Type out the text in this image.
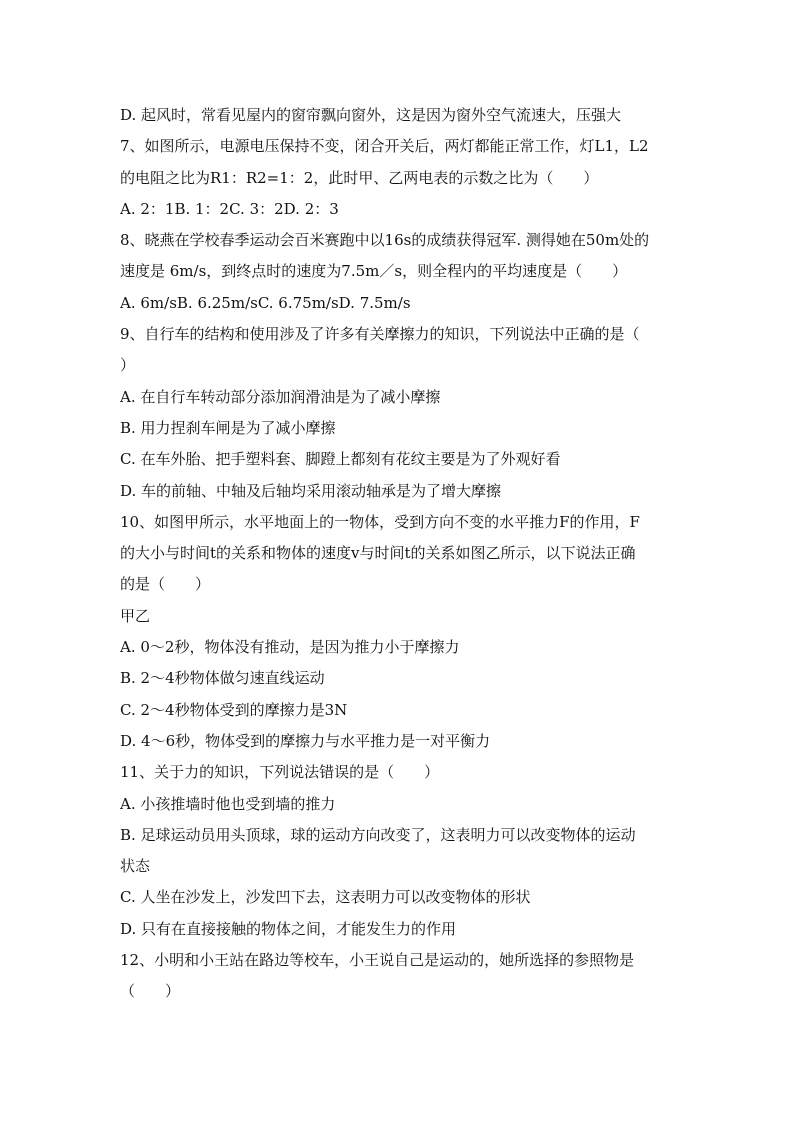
D. 起风时，常看见屋内的窗帘飘向窗外，这是因为窗外空气流速大，压强大
7、如图所示，电源电压保持不变，闭合开关后，两灯都能正常工作，灯L1，L2
的电阻之比为R1：R2=1：2，此时甲、乙两电表的示数之比为（　　）
A. 2：1B. 1：2C. 3：2D. 2：3
8、晓燕在学校春季运动会百米赛跑中以16s的成绩获得冠军. 测得她在50m处的
速度是 6m/s，到终点时的速度为7.5m／s，则全程内的平均速度是（　　）
A. 6m/sB. 6.25m/sC. 6.75m/sD. 7.5m/s
9、自行车的结构和使用涉及了许多有关摩擦力的知识，下列说法中正确的是（
）
A. 在自行车转动部分添加润滑油是为了减小摩擦
B. 用力捏刹车闸是为了减小摩擦
C. 在车外胎、把手塑料套、脚蹬上都刻有花纹主要是为了外观好看
D. 车的前轴、中轴及后轴均采用滚动轴承是为了增大摩擦
10、如图甲所示，水平地面上的一物体，受到方向不变的水平推力F的作用，F
的大小与时间t的关系和物体的速度v与时间t的关系如图乙所示，以下说法正确
的是（　　）
甲乙
A. 0～2秒，物体没有推动，是因为推力小于摩擦力
B. 2～4秒物体做匀速直线运动
C. 2～4秒物体受到的摩擦力是3N
D. 4～6秒，物体受到的摩擦力与水平推力是一对平衡力
11、关于力的知识，下列说法错误的是（　　）
A. 小孩推墙时他也受到墙的推力
B. 足球运动员用头顶球，球的运动方向改变了，这表明力可以改变物体的运动
状态
C. 人坐在沙发上，沙发凹下去，这表明力可以改变物体的形状
D. 只有在直接接触的物体之间，才能发生力的作用
12、小明和小王站在路边等校车，小王说自己是运动的，她所选择的参照物是
（　　）
